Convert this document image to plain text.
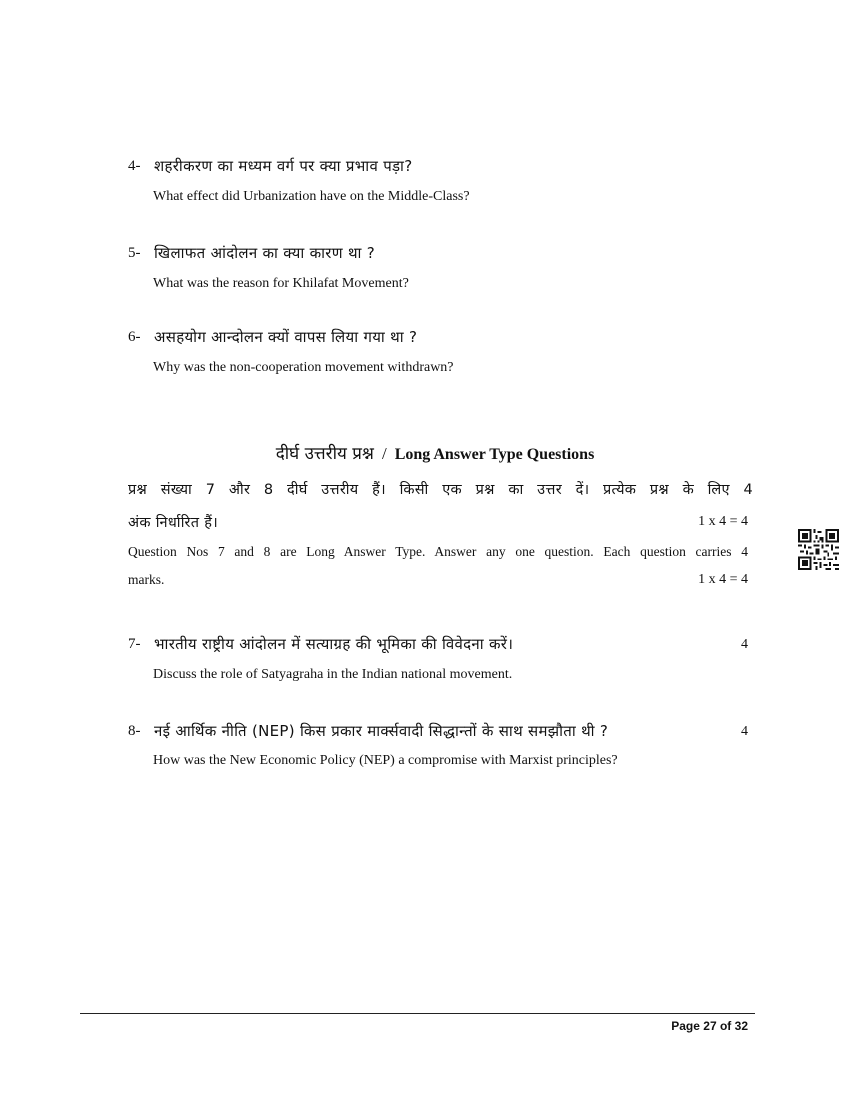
4- शहरीकरण का मध्यम वर्ग पर क्या प्रभाव पड़ा?
What effect did Urbanization have on the Middle-Class?
5- खिलाफत आंदोलन का क्या कारण था ?
What was the reason for Khilafat Movement?
6- असहयोग आन्दोलन क्यों वापस लिया गया था ?
Why was the non-cooperation movement withdrawn?
दीर्घ उत्तरीय प्रश्न / Long Answer Type Questions
प्रश्न संख्या 7 और 8 दीर्घ उत्तरीय हैं। किसी एक प्रश्न का उत्तर दें। प्रत्येक प्रश्न के लिए 4
अंक निर्धारित हैं।	1 x 4 = 4
Question Nos 7 and 8 are Long Answer Type. Answer any one question. Each question carries 4
marks.	1 x 4 = 4
7- भारतीय राष्ट्रीय आंदोलन में सत्याग्रह की भूमिका की विवेदना करें।	4
Discuss the role of Satyagraha in the Indian national movement.
8- नई आर्थिक नीति (NEP) किस प्रकार मार्क्सवादी सिद्धान्तों के साथ समझौता थी ?	4
How was the New Economic Policy (NEP) a compromise with Marxist principles?
Page 27 of 32
